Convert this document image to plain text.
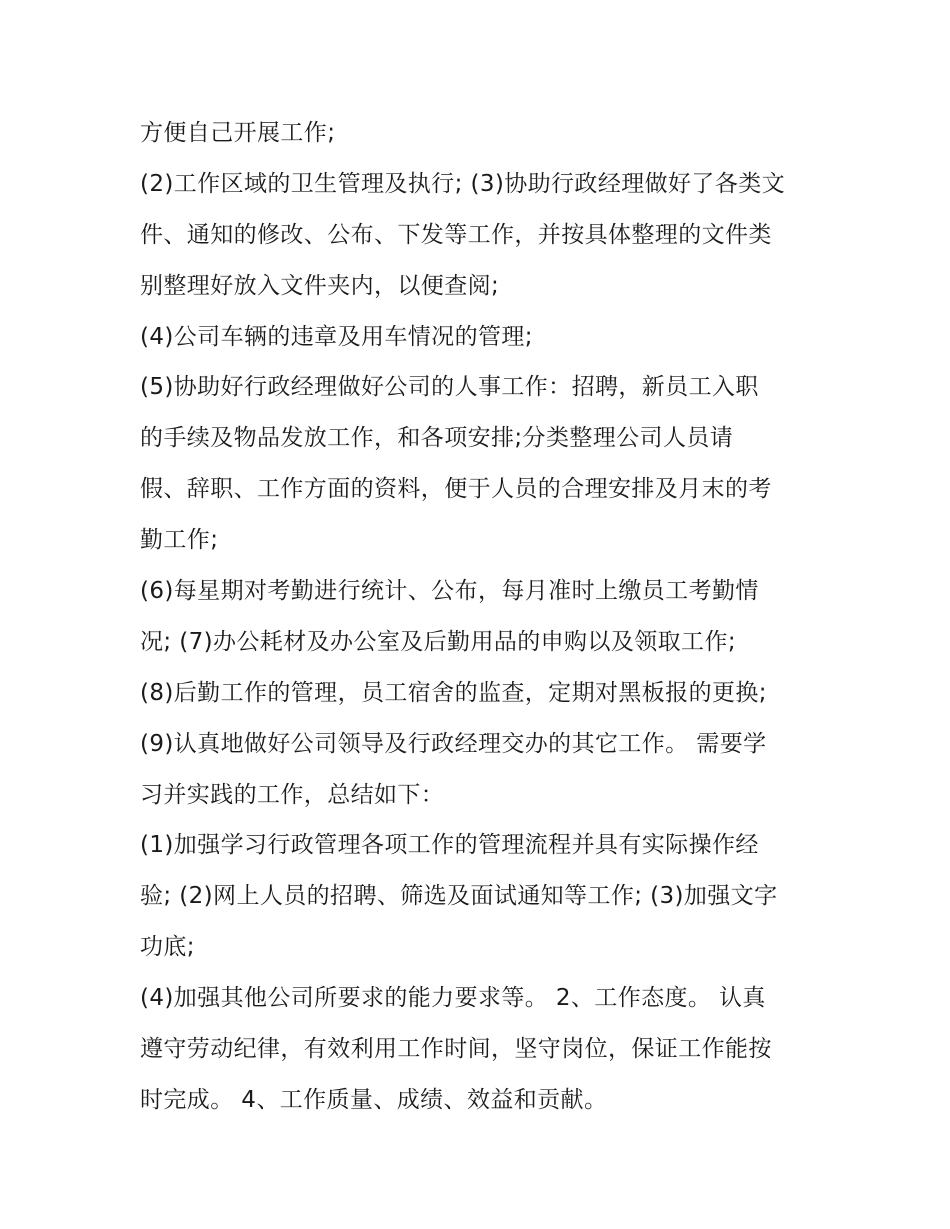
方便自己开展工作;
(2)工作区域的卫生管理及执行; (3)协助行政经理做好了各类文
件、通知的修改、公布、下发等工作，并按具体整理的文件类
别整理好放入文件夹内，以便查阅;
(4)公司车辆的违章及用车情况的管理;
(5)协助好行政经理做好公司的人事工作：招聘，新员工入职
的手续及物品发放工作，和各项安排;分类整理公司人员请
假、辞职、工作方面的资料，便于人员的合理安排及月末的考
勤工作;
(6)每星期对考勤进行统计、公布，每月准时上缴员工考勤情
况; (7)办公耗材及办公室及后勤用品的申购以及领取工作;
(8)后勤工作的管理，员工宿舍的监查，定期对黑板报的更换;
(9)认真地做好公司领导及行政经理交办的其它工作。 需要学
习并实践的工作，总结如下：
(1)加强学习行政管理各项工作的管理流程并具有实际操作经
验; (2)网上人员的招聘、筛选及面试通知等工作; (3)加强文字
功底;
(4)加强其他公司所要求的能力要求等。 2、工作态度。 认真
遵守劳动纪律，有效利用工作时间，坚守岗位，保证工作能按
时完成。 4、工作质量、成绩、效益和贡献。
